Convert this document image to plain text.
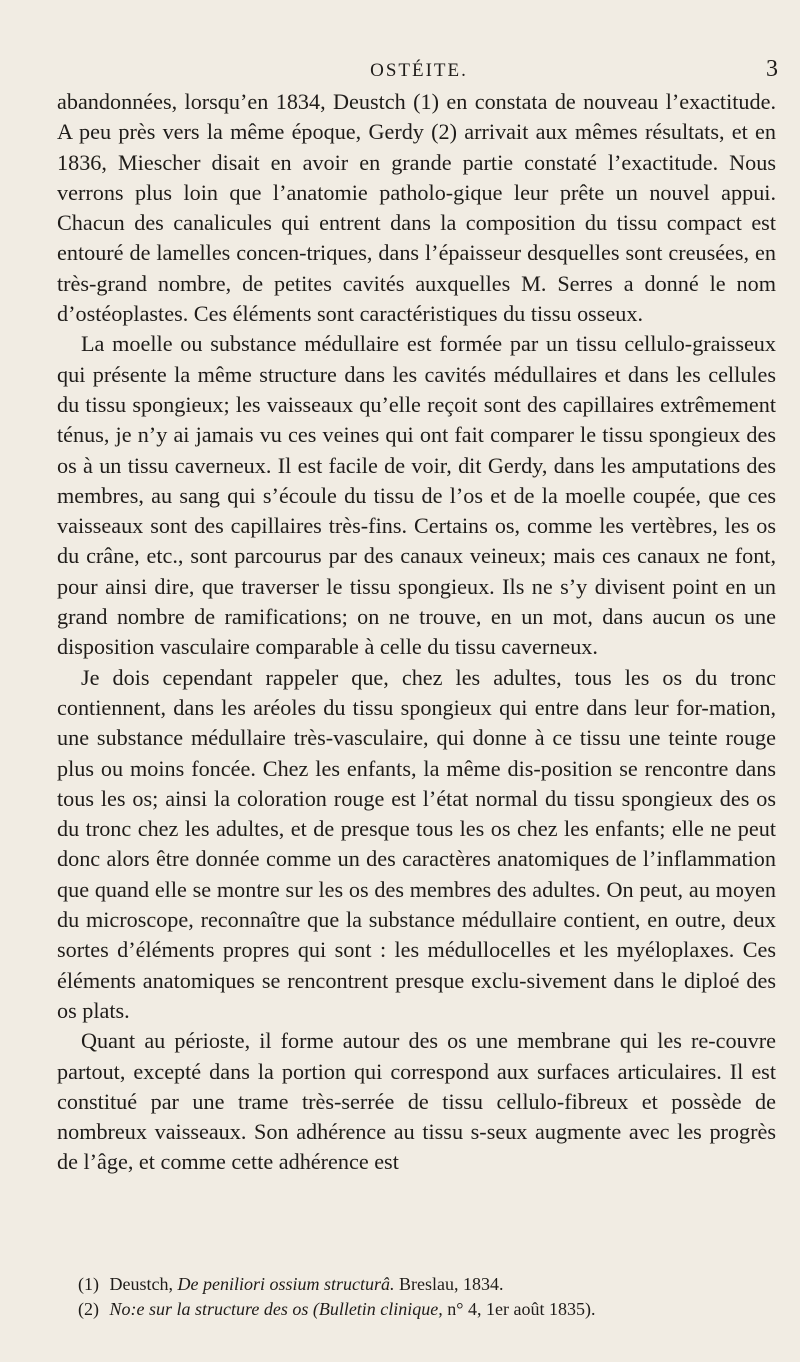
OSTÉITE.	3

abandonnées, lorsqu’en 1834, Deustch (1) en constata de nouveau l’exactitude. A peu près vers la même époque, Gerdy (2) arrivait aux mêmes résultats, et en 1836, Miescher disait en avoir en grande partie constaté l’exactitude. Nous verrons plus loin que l’anatomie patholo-gique leur prête un nouvel appui. Chacun des canalicules qui entrent dans la composition du tissu compact est entouré de lamelles concen-triques, dans l’épaisseur desquelles sont creusées, en très-grand nombre, de petites cavités auxquelles M. Serres a donné le nom d’ostéoplastes. Ces éléments sont caractéristiques du tissu osseux.

La moelle ou substance médullaire est formée par un tissu cellulo-graisseux qui présente la même structure dans les cavités médullaires et dans les cellules du tissu spongieux; les vaisseaux qu’elle reçoit sont des capillaires extrêmement ténus, je n’y ai jamais vu ces veines qui ont fait comparer le tissu spongieux des os à un tissu caverneux. Il est facile de voir, dit Gerdy, dans les amputations des membres, au sang qui s’écoule du tissu de l’os et de la moelle coupée, que ces vaisseaux sont des capillaires très-fins. Certains os, comme les vertèbres, les os du crâne, etc., sont parcourus par des canaux veineux; mais ces canaux ne font, pour ainsi dire, que traverser le tissu spongieux. Ils ne s’y divisent point en un grand nombre de ramifications; on ne trouve, en un mot, dans aucun os une disposition vasculaire comparable à celle du tissu caverneux.

Je dois cependant rappeler que, chez les adultes, tous les os du tronc contiennent, dans les aréoles du tissu spongieux qui entre dans leur for-mation, une substance médullaire très-vasculaire, qui donne à ce tissu une teinte rouge plus ou moins foncée. Chez les enfants, la même dis-position se rencontre dans tous les os; ainsi la coloration rouge est l’état normal du tissu spongieux des os du tronc chez les adultes, et de presque tous les os chez les enfants; elle ne peut donc alors être donnée comme un des caractères anatomiques de l’inflammation que quand elle se montre sur les os des membres des adultes. On peut, au moyen du microscope, reconnaître que la substance médullaire contient, en outre, deux sortes d’éléments propres qui sont : les médullocelles et les myéloplaxes. Ces éléments anatomiques se rencontrent presque exclu-sivement dans le diploé des os plats.

Quant au périoste, il forme autour des os une membrane qui les re-couvre partout, excepté dans la portion qui correspond aux surfaces articulaires. Il est constitué par une trame très-serrée de tissu cellulo-fibreux et possède de nombreux vaisseaux. Son adhérence au tissu s-seux augmente avec les progrès de l’âge, et comme cette adhérence est

(1) Deustch, De peniliori ossium structurâ. Breslau, 1834.

(2) No:e sur la structure des os (Bulletin clinique, n° 4, 1er août 1835).
